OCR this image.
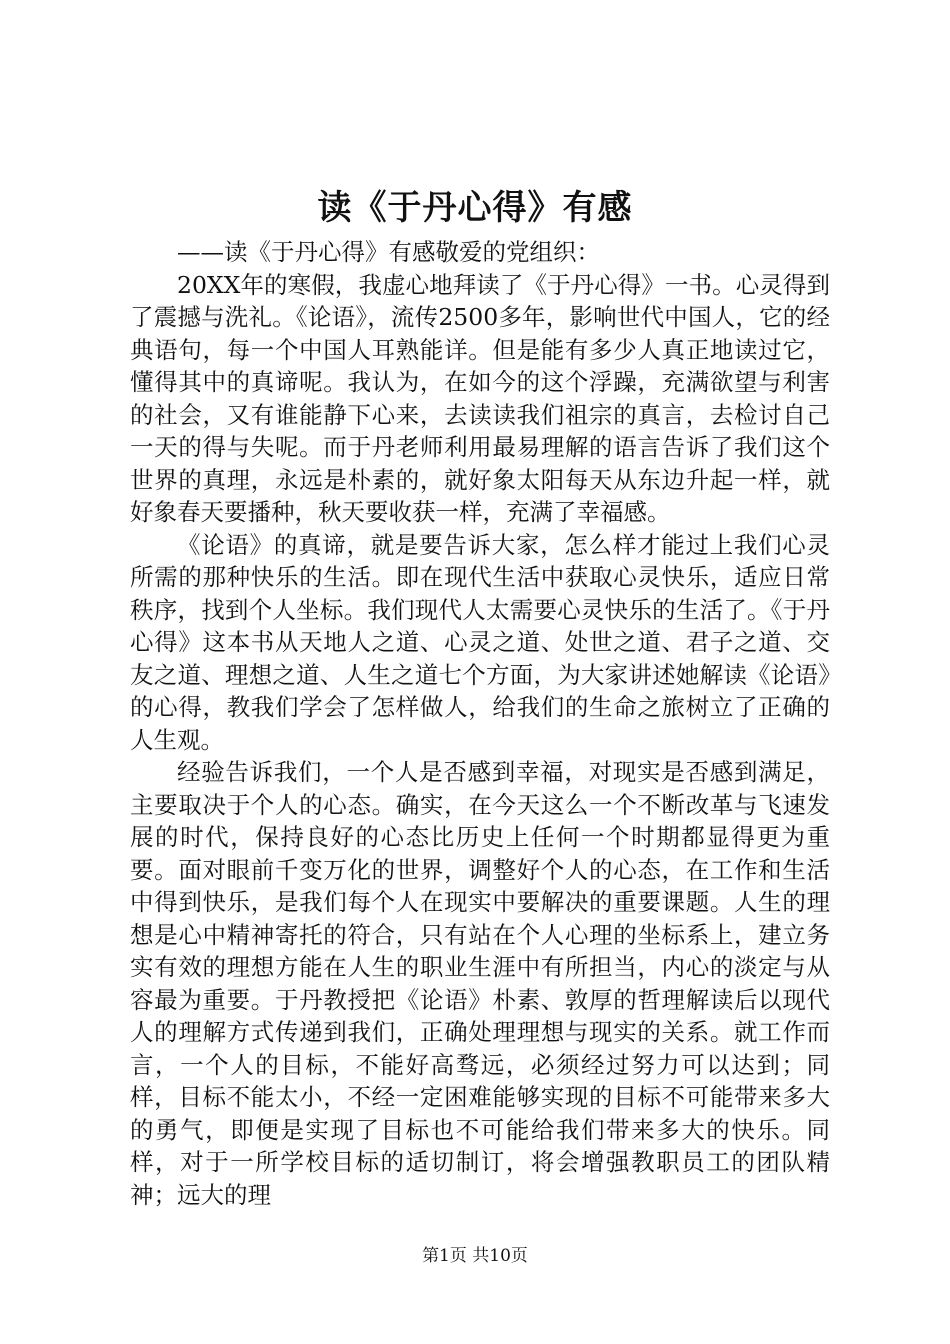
读《于丹心得》有感

——读《于丹心得》有感敬爱的党组织：

20XX年的寒假，我虚心地拜读了《于丹心得》一书。心灵得到了震撼与洗礼。《论语》，流传2500多年，影响世代中国人，它的经典语句，每一个中国人耳熟能详。但是能有多少人真正地读过它，懂得其中的真谛呢。我认为，在如今的这个浮躁，充满欲望与利害的社会，又有谁能静下心来，去读读我们祖宗的真言，去检讨自己一天的得与失呢。而于丹老师利用最易理解的语言告诉了我们这个世界的真理，永远是朴素的，就好象太阳每天从东边升起一样，就好象春天要播种，秋天要收获一样，充满了幸福感。

《论语》的真谛，就是要告诉大家，怎么样才能过上我们心灵所需的那种快乐的生活。即在现代生活中获取心灵快乐，适应日常秩序，找到个人坐标。我们现代人太需要心灵快乐的生活了。《于丹心得》这本书从天地人之道、心灵之道、处世之道、君子之道、交友之道、理想之道、人生之道七个方面，为大家讲述她解读《论语》的心得，教我们学会了怎样做人，给我们的生命之旅树立了正确的人生观。

经验告诉我们，一个人是否感到幸福，对现实是否感到满足，主要取决于个人的心态。确实，在今天这么一个不断改革与飞速发展的时代，保持良好的心态比历史上任何一个时期都显得更为重要。面对眼前千变万化的世界，调整好个人的心态，在工作和生活中得到快乐，是我们每个人在现实中要解决的重要课题。人生的理想是心中精神寄托的符合，只有站在个人心理的坐标系上，建立务实有效的理想方能在人生的职业生涯中有所担当，内心的淡定与从容最为重要。于丹教授把《论语》朴素、敦厚的哲理解读后以现代人的理解方式传递到我们，正确处理理想与现实的关系。就工作而言，一个人的目标，不能好高骛远，必须经过努力可以达到；同样，目标不能太小，不经一定困难能够实现的目标不可能带来多大的勇气，即便是实现了目标也不可能给我们带来多大的快乐。同样，对于一所学校目标的适切制订，将会增强教职员工的团队精神；远大的理

第1页 共10页
